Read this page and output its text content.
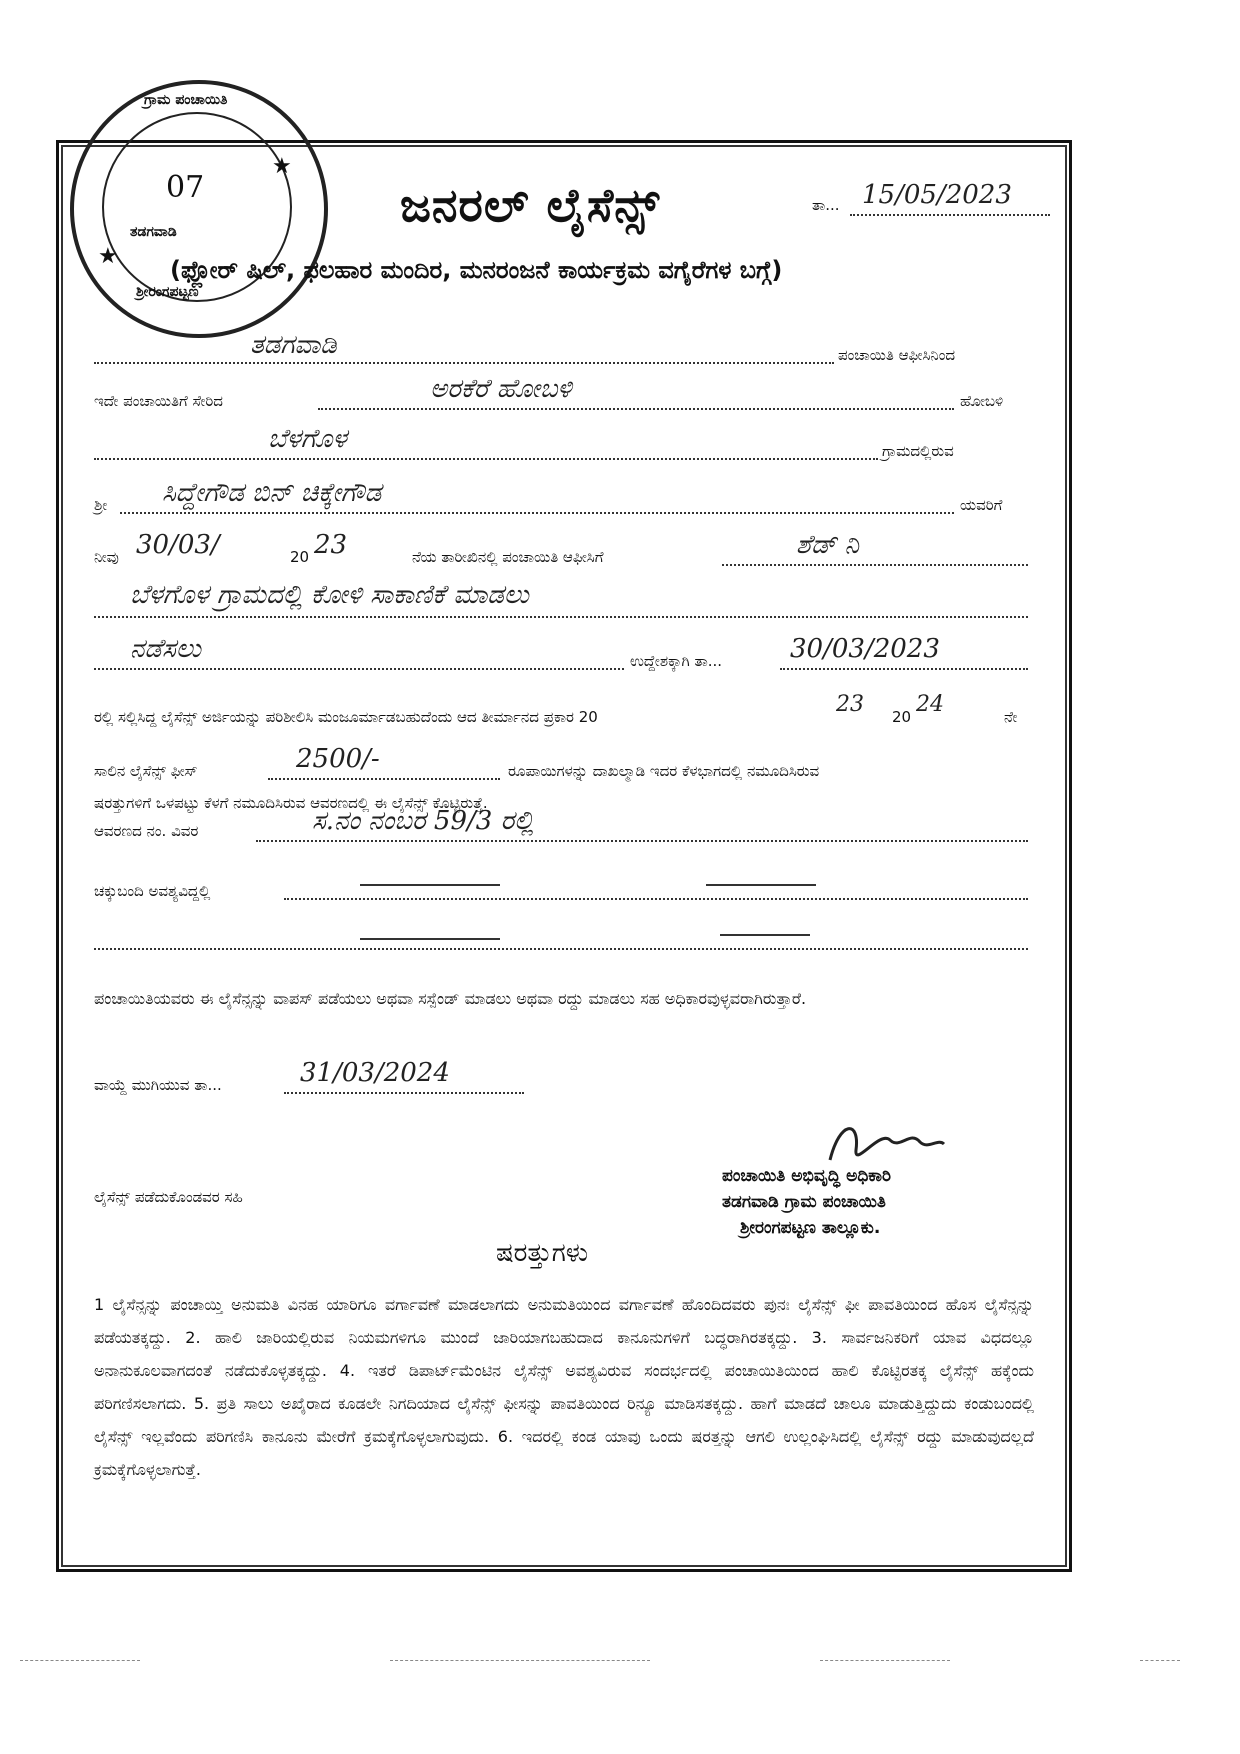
ಗ್ರಾಮ ಪಂಚಾಯಿತಿ
07
ತಡಗವಾಡಿ
ಶ್ರೀರಂಗಪಟ್ಟಣ
★
★
ಜನರಲ್ ಲೈಸೆನ್ಸ್	ತಾ... 15/05/2023
(ಫ್ಲೋರ್ ಷಿಲ್, ಫಲಹಾರ ಮಂದಿರ, ಮನರಂಜನೆ ಕಾರ್ಯಕ್ರಮ ವಗೈರೆಗಳ ಬಗ್ಗೆ)
ತಡಗವಾಡಿ	ಪಂಚಾಯಿತಿ ಆಫೀಸಿನಿಂದ
ಇದೇ ಪಂಚಾಯಿತಿಗೆ ಸೇರಿದ	ಅರಕೆರೆ ಹೋಬಳಿ	ಹೋಬಳಿ
ಬೆಳಗೊಳ	ಗ್ರಾಮದಲ್ಲಿರುವ
ಶ್ರೀ ಸಿದ್ದೇಗೌಡ ಬಿನ್ ಚಿಕ್ಕೇಗೌಡ	ಯವರಿಗೆ
ನೀವು 30/03/	20 23	ನೆಯ ತಾರೀಖಿನಲ್ಲಿ ಪಂಚಾಯಿತಿ ಆಫೀಸಿಗೆ	ಶೆಡ್ ನಿ
ಬೆಳಗೊಳ ಗ್ರಾಮದಲ್ಲಿ ಕೋಳಿ ಸಾಕಾಣಿಕೆ ಮಾಡಲು
ನಡೆಸಲು	ಉದ್ದೇಶಕ್ಕಾಗಿ ತಾ...	30/03/2023
ರಲ್ಲಿ ಸಲ್ಲಿಸಿದ್ದ ಲೈಸೆನ್ಸ್ ಅರ್ಜಿಯನ್ನು ಪರಿಶೀಲಿಸಿ ಮಂಜೂರ್ಮಾಡಬಹುದೆಂದು ಆದ ತೀರ್ಮಾನದ ಪ್ರಕಾರ 20	23 20 24	ನೇ
ಸಾಲಿನ ಲೈಸೆನ್ಸ್ ಫೀಸ್	2500/-	ರೂಪಾಯಿಗಳನ್ನು ದಾಖಲ್ಮಾಡಿ ಇದರ ಕೆಳಭಾಗದಲ್ಲಿ ನಮೂದಿಸಿರುವ
ಷರತ್ತುಗಳಿಗೆ ಒಳಪಟ್ಟು ಕೆಳಗೆ ನಮೂದಿಸಿರುವ ಆವರಣದಲ್ಲಿ ಈ ಲೈಸೆನ್ಸ್ ಕೊಟ್ಟಿರುತ್ತೆ.
ಆವರಣದ ನಂ. ವಿವರ	ಸ.ನಂ ನಂಬರ 59/3 ರಲ್ಲಿ
ಚಕ್ಕುಬಂದಿ ಅವಶ್ಯವಿದ್ದಲ್ಲಿ
ಪಂಚಾಯಿತಿಯವರು ಈ ಲೈಸೆನ್ಸನ್ನು ವಾಪಸ್ ಪಡೆಯಲು ಅಥವಾ ಸಸ್ಪೆಂಡ್ ಮಾಡಲು ಅಥವಾ ರದ್ದು ಮಾಡಲು ಸಹ ಅಧಿಕಾರವುಳ್ಳವರಾಗಿರುತ್ತಾರೆ.
ವಾಯ್ದೆ ಮುಗಿಯುವ ತಾ...	31/03/2024
ಲೈಸೆನ್ಸ್ ಪಡೆದುಕೊಂಡವರ ಸಹಿ
ಪಂಚಾಯಿತಿ ಅಭಿವೃದ್ಧಿ ಅಧಿಕಾರಿ
ತಡಗವಾಡಿ ಗ್ರಾಮ ಪಂಚಾಯಿತಿ
ಶ್ರೀರಂಗಪಟ್ಟಣ ತಾಲ್ಲೂಕು.
ಷರತ್ತುಗಳು
1 ಲೈಸೆನ್ಸನ್ನು ಪಂಚಾಯ್ತಿ ಅನುಮತಿ ವಿನಹ ಯಾರಿಗೂ ವರ್ಗಾವಣೆ ಮಾಡಲಾಗದು ಅನುಮತಿಯಿಂದ ವರ್ಗಾವಣೆ ಹೊಂದಿದವರು ಪುನಃ ಲೈಸೆನ್ಸ್ ಫೀ ಪಾವತಿಯಿಂದ ಹೊಸ ಲೈಸೆನ್ಸನ್ನು ಪಡೆಯತಕ್ಕದ್ದು. 2. ಹಾಲಿ ಜಾರಿಯಲ್ಲಿರುವ ನಿಯಮಗಳಿಗೂ ಮುಂದೆ ಜಾರಿಯಾಗಬಹುದಾದ ಕಾನೂನುಗಳಿಗೆ ಬದ್ಧರಾಗಿರತಕ್ಕದ್ದು. 3. ಸಾರ್ವಜನಿಕರಿಗೆ ಯಾವ ವಿಧದಲ್ಲೂ ಅನಾನುಕೂಲವಾಗದಂತೆ ನಡೆದುಕೊಳ್ಳತಕ್ಕದ್ದು. 4. ಇತರೆ ಡಿಪಾರ್ಟ್‌ಮೆಂಟಿನ ಲೈಸೆನ್ಸ್ ಅವಶ್ಯವಿರುವ ಸಂದರ್ಭದಲ್ಲಿ ಪಂಚಾಯಿತಿಯಿಂದ ಹಾಲಿ ಕೊಟ್ಟಿರತಕ್ಕ ಲೈಸೆನ್ಸ್ ಹಕ್ಕೆಂದು ಪರಿಗಣಿಸಲಾಗದು. 5. ಪ್ರತಿ ಸಾಲು ಅಖೈರಾದ ಕೂಡಲೇ ನಿಗದಿಯಾದ ಲೈಸೆನ್ಸ್ ಫೀಸನ್ನು ಪಾವತಿಯಿಂದ ರಿನ್ಯೂ ಮಾಡಿಸತಕ್ಕದ್ದು. ಹಾಗೆ ಮಾಡದೆ ಚಾಲೂ ಮಾಡುತ್ತಿದ್ದುದು ಕಂಡುಬಂದಲ್ಲಿ ಲೈಸೆನ್ಸ್ ಇಲ್ಲವೆಂದು ಪರಿಗಣಿಸಿ ಕಾನೂನು ಮೇರೆಗೆ ಕ್ರಮಕ್ಕೆಗೊಳ್ಳಲಾಗುವುದು. 6. ಇದರಲ್ಲಿ ಕಂಡ ಯಾವು ಒಂದು ಷರತ್ತನ್ನು ಆಗಲಿ ಉಲ್ಲಂಘಿಸಿದಲ್ಲಿ ಲೈಸೆನ್ಸ್ ರದ್ದು ಮಾಡುವುದಲ್ಲದೆ ಕ್ರಮಕ್ಕೆಗೊಳ್ಳಲಾಗುತ್ತೆ.
